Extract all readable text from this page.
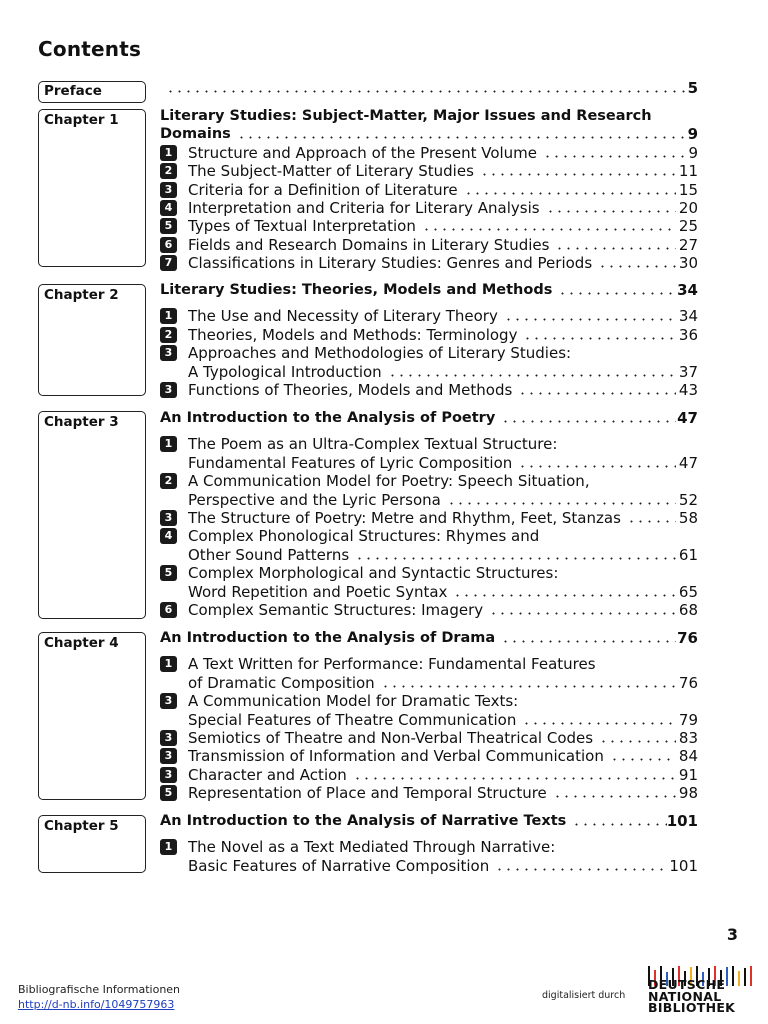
Contents
Preface	5
Chapter 1	Literary Studies: Subject-Matter, Major Issues and Research
Domains	9
1	Structure and Approach of the Present Volume	9
2	The Subject-Matter of Literary Studies	11
3	Criteria for a Definition of Literature	15
4	Interpretation and Criteria for Literary Analysis	20
5	Types of Textual Interpretation	25
6	Fields and Research Domains in Literary Studies	27
7	Classifications in Literary Studies: Genres and Periods	30
Chapter 2	Literary Studies: Theories, Models and Methods	34
1	The Use and Necessity of Literary Theory	34
2	Theories, Models and Methods: Terminology	36
3	Approaches and Methodologies of Literary Studies:
A Typological Introduction	37
3	Functions of Theories, Models and Methods	43
Chapter 3	An Introduction to the Analysis of Poetry	47
1	The Poem as an Ultra-Complex Textual Structure:
Fundamental Features of Lyric Composition	47
2	A Communication Model for Poetry: Speech Situation,
Perspective and the Lyric Persona	52
3	The Structure of Poetry: Metre and Rhythm, Feet, Stanzas	58
4	Complex Phonological Structures: Rhymes and
Other Sound Patterns	61
5	Complex Morphological and Syntactic Structures:
Word Repetition and Poetic Syntax	65
6	Complex Semantic Structures: Imagery	68
Chapter 4	An Introduction to the Analysis of Drama	76
1	A Text Written for Performance: Fundamental Features
of Dramatic Composition	76
3	A Communication Model for Dramatic Texts:
Special Features of Theatre Communication	79
3	Semiotics of Theatre and Non-Verbal Theatrical Codes	83
3	Transmission of Information and Verbal Communication	84
3	Character and Action	91
5	Representation of Place and Temporal Structure	98
Chapter 5	An Introduction to the Analysis of Narrative Texts	101
1	The Novel as a Text Mediated Through Narrative:
Basic Features of Narrative Composition	101
3
Bibliografische Informationen
http://d-nb.info/1049757963
digitalisiert durch
DEUTSCHE
NATIONAL
BIBLIOTHEK
